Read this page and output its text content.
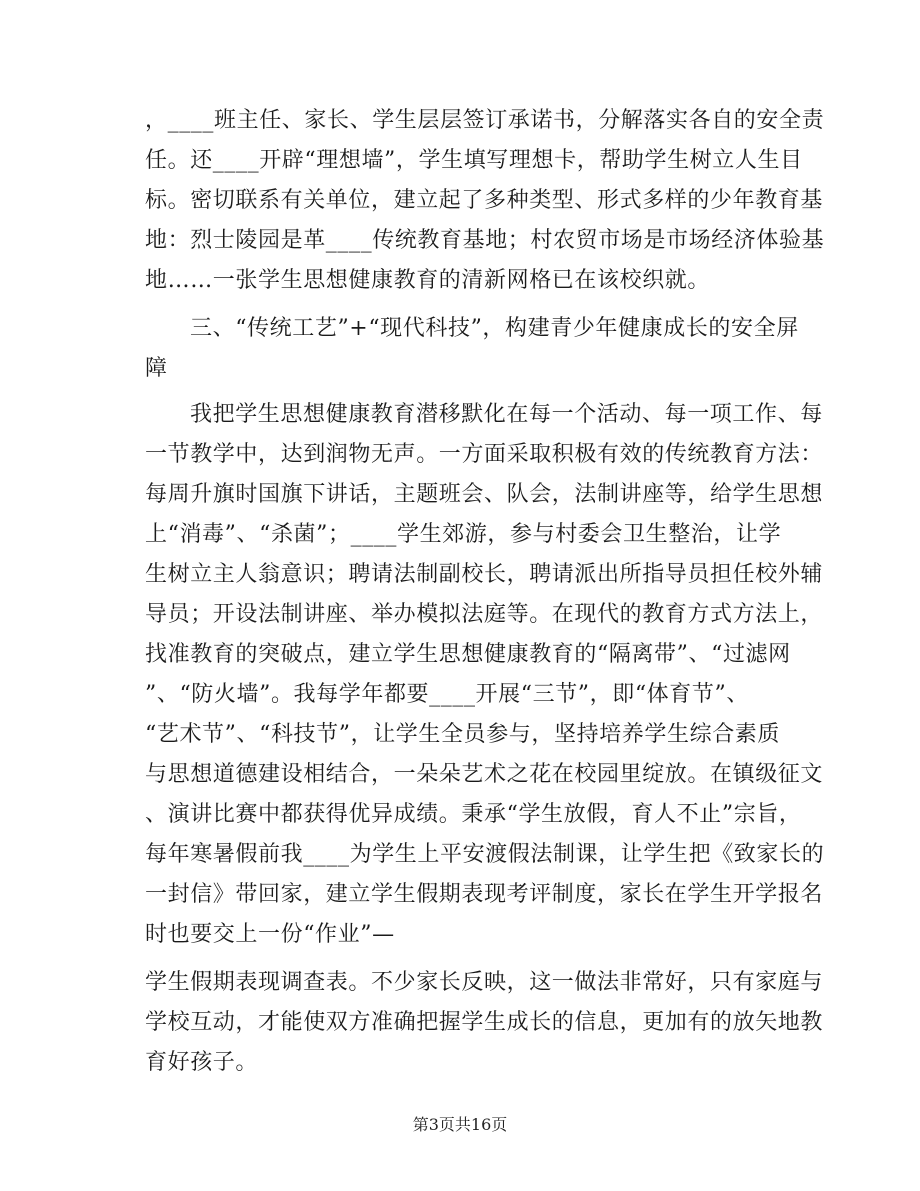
，____班主任、家长、学生层层签订承诺书，分解落实各自的安全责
任。还____开辟“理想墙”，学生填写理想卡，帮助学生树立人生目
标。密切联系有关单位，建立起了多种类型、形式多样的少年教育基
地：烈士陵园是革____传统教育基地；村农贸市场是市场经济体验基
地……一张学生思想健康教育的清新网格已在该校织就。
三、“传统工艺”+“现代科技”，构建青少年健康成长的安全屏
障
我把学生思想健康教育潜移默化在每一个活动、每一项工作、每
一节教学中，达到润物无声。一方面采取积极有效的传统教育方法：
每周升旗时国旗下讲话，主题班会、队会，法制讲座等，给学生思想
上“消毒”、“杀菌”；____学生郊游，参与村委会卫生整治，让学
生树立主人翁意识；聘请法制副校长，聘请派出所指导员担任校外辅
导员；开设法制讲座、举办模拟法庭等。在现代的教育方式方法上，
找准教育的突破点，建立学生思想健康教育的“隔离带”、“过滤网
”、“防火墙”。我每学年都要____开展“三节”，即“体育节”、
“艺术节”、“科技节”，让学生全员参与，坚持培养学生综合素质
与思想道德建设相结合，一朵朵艺术之花在校园里绽放。在镇级征文
、演讲比赛中都获得优异成绩。秉承“学生放假，育人不止”宗旨，
每年寒暑假前我____为学生上平安渡假法制课，让学生把《致家长的
一封信》带回家，建立学生假期表现考评制度，家长在学生开学报名
时也要交上一份“作业”—
学生假期表现调查表。不少家长反映，这一做法非常好，只有家庭与
学校互动，才能使双方准确把握学生成长的信息，更加有的放矢地教
育好孩子。
第3页共16页
